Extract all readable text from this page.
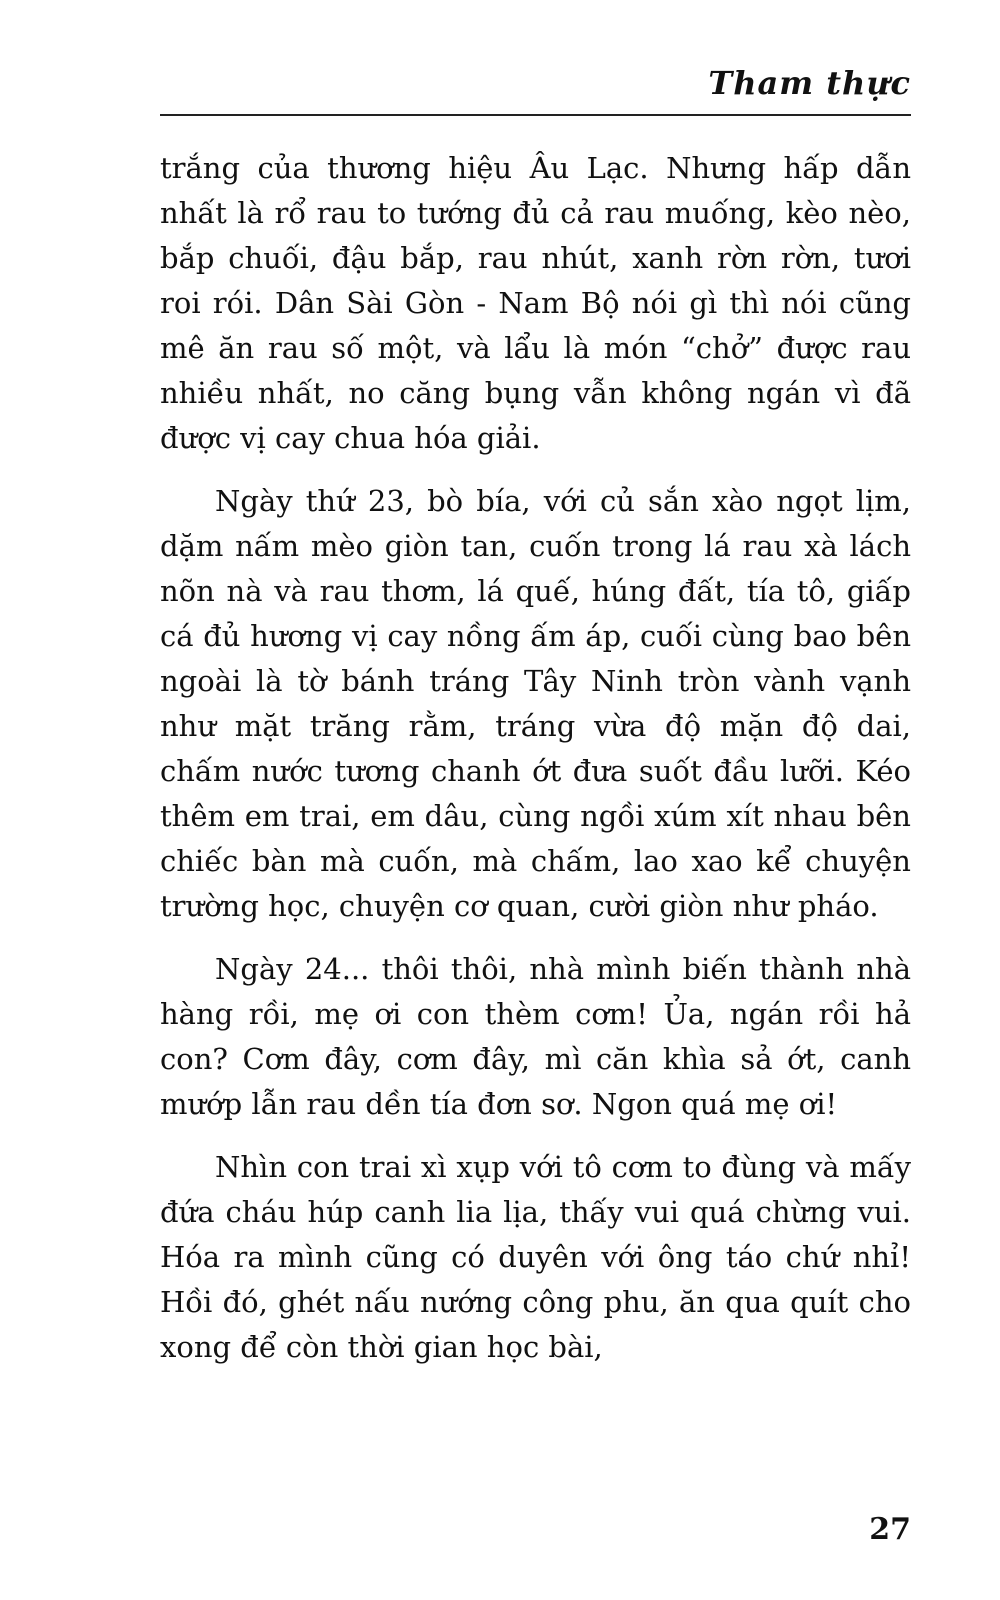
Tham thực

trắng của thương hiệu Âu Lạc. Nhưng hấp dẫn nhất là rổ rau to tướng đủ cả rau muống, kèo nèo, bắp chuối, đậu bắp, rau nhút, xanh rờn rờn, tươi roi rói. Dân Sài Gòn - Nam Bộ nói gì thì nói cũng mê ăn rau số một, và lẩu là món “chở” được rau nhiều nhất, no căng bụng vẫn không ngán vì đã được vị cay chua hóa giải.

Ngày thứ 23, bò bía, với củ sắn xào ngọt lịm, dặm nấm mèo giòn tan, cuốn trong lá rau xà lách nõn nà và rau thơm, lá quế, húng đất, tía tô, giấp cá đủ hương vị cay nồng ấm áp, cuối cùng bao bên ngoài là tờ bánh tráng Tây Ninh tròn vành vạnh như mặt trăng rằm, tráng vừa độ mặn độ dai, chấm nước tương chanh ớt đưa suốt đầu lưỡi. Kéo thêm em trai, em dâu, cùng ngồi xúm xít nhau bên chiếc bàn mà cuốn, mà chấm, lao xao kể chuyện trường học, chuyện cơ quan, cười giòn như pháo.

Ngày 24... thôi thôi, nhà mình biến thành nhà hàng rồi, mẹ ơi con thèm cơm! Ủa, ngán rồi hả con? Cơm đây, cơm đây, mì căn khìa sả ớt, canh mướp lẫn rau dền tía đơn sơ. Ngon quá mẹ ơi!

Nhìn con trai xì xụp với tô cơm to đùng và mấy đứa cháu húp canh lia lịa, thấy vui quá chừng vui. Hóa ra mình cũng có duyên với ông táo chứ nhỉ! Hồi đó, ghét nấu nướng công phu, ăn qua quít cho xong để còn thời gian học bài,

27
